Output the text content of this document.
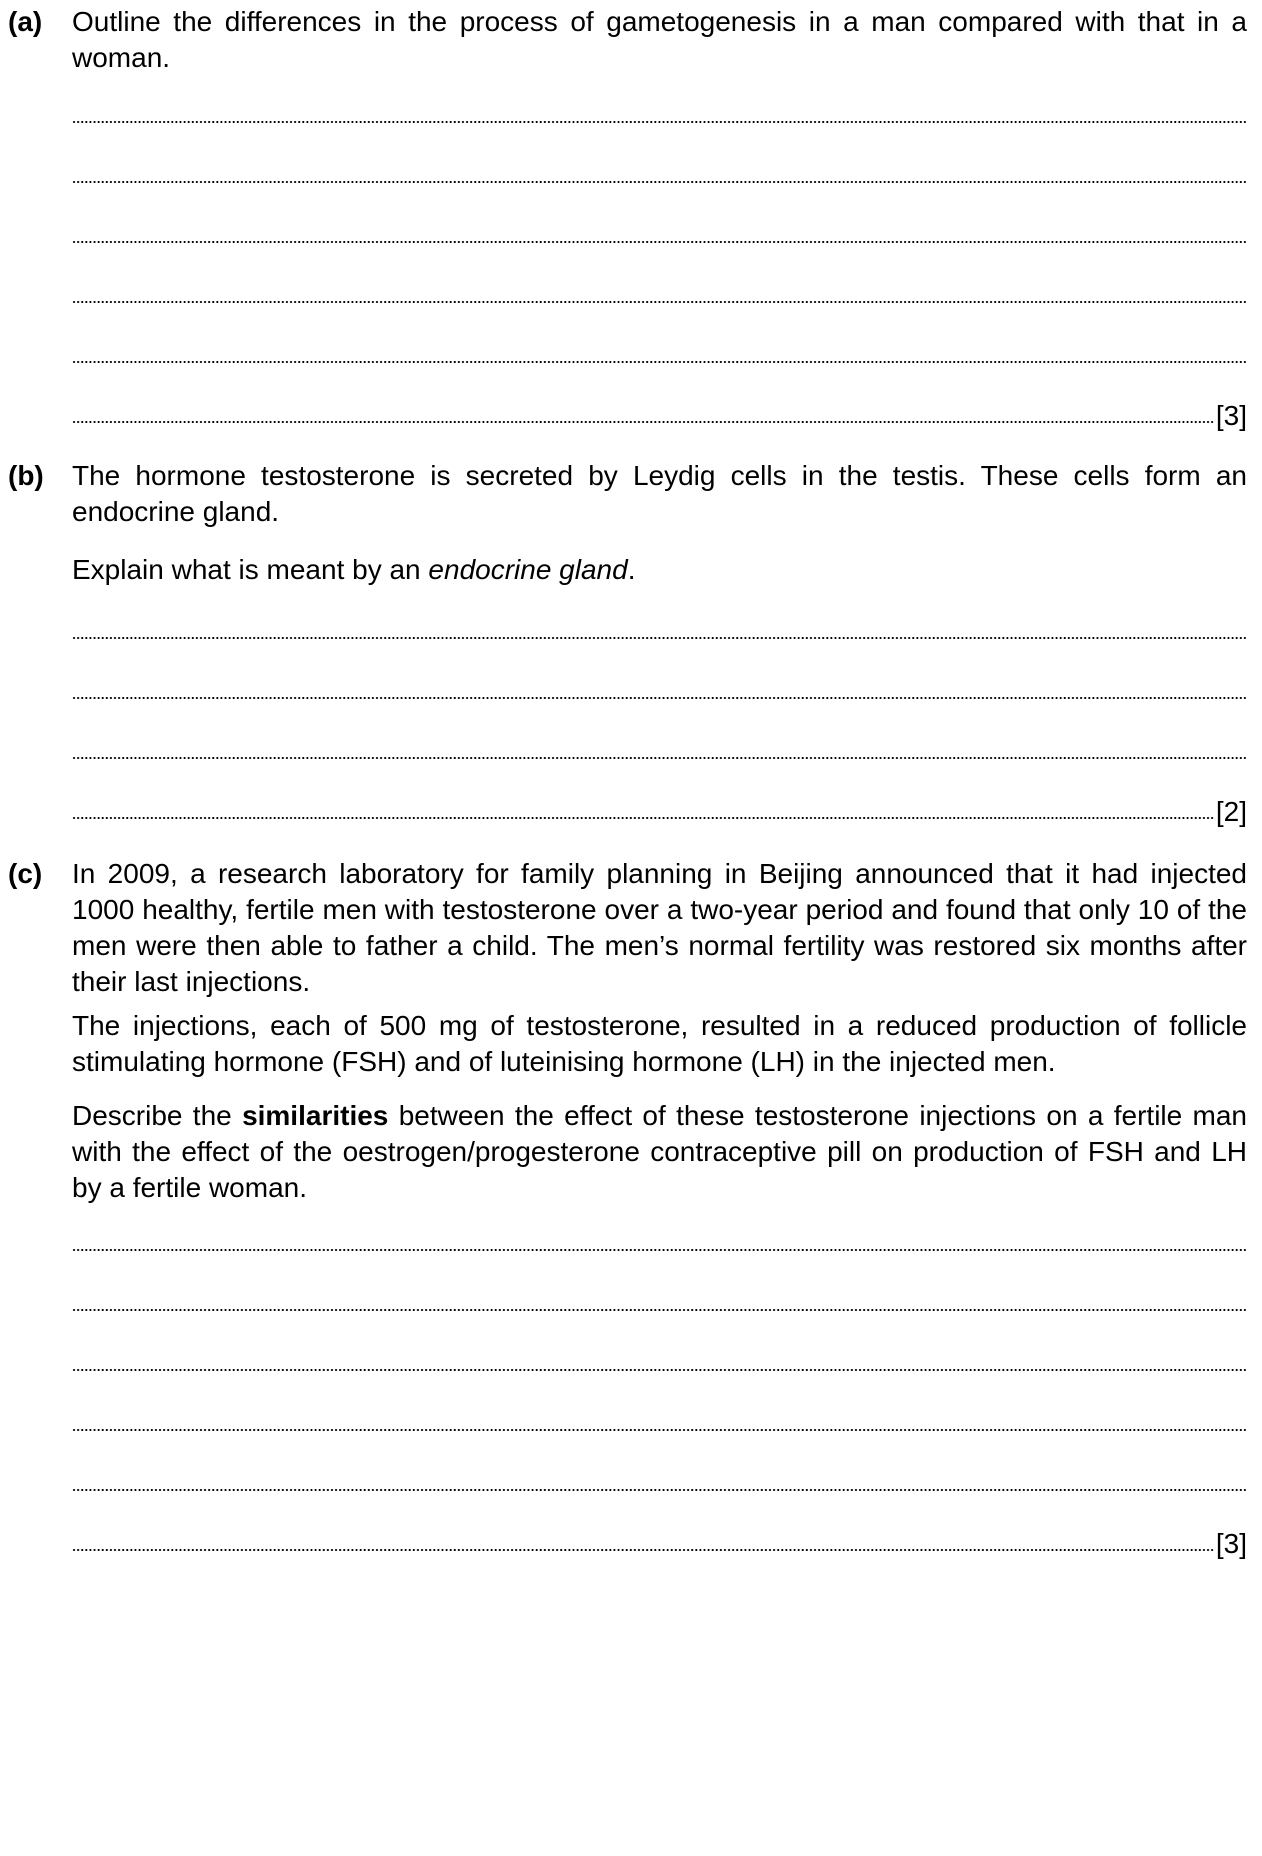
(a) Outline the differences in the process of gametogenesis in a man compared with that in a woman.
[3]
(b) The hormone testosterone is secreted by Leydig cells in the testis. These cells form an endocrine gland.
Explain what is meant by an endocrine gland.
[2]
(c) In 2009, a research laboratory for family planning in Beijing announced that it had injected 1000 healthy, fertile men with testosterone over a two-year period and found that only 10 of the men were then able to father a child. The men’s normal fertility was restored six months after their last injections.
The injections, each of 500 mg of testosterone, resulted in a reduced production of follicle stimulating hormone (FSH) and of luteinising hormone (LH) in the injected men.
Describe the similarities between the effect of these testosterone injections on a fertile man with the effect of the oestrogen/progesterone contraceptive pill on production of FSH and LH by a fertile woman.
[3]
